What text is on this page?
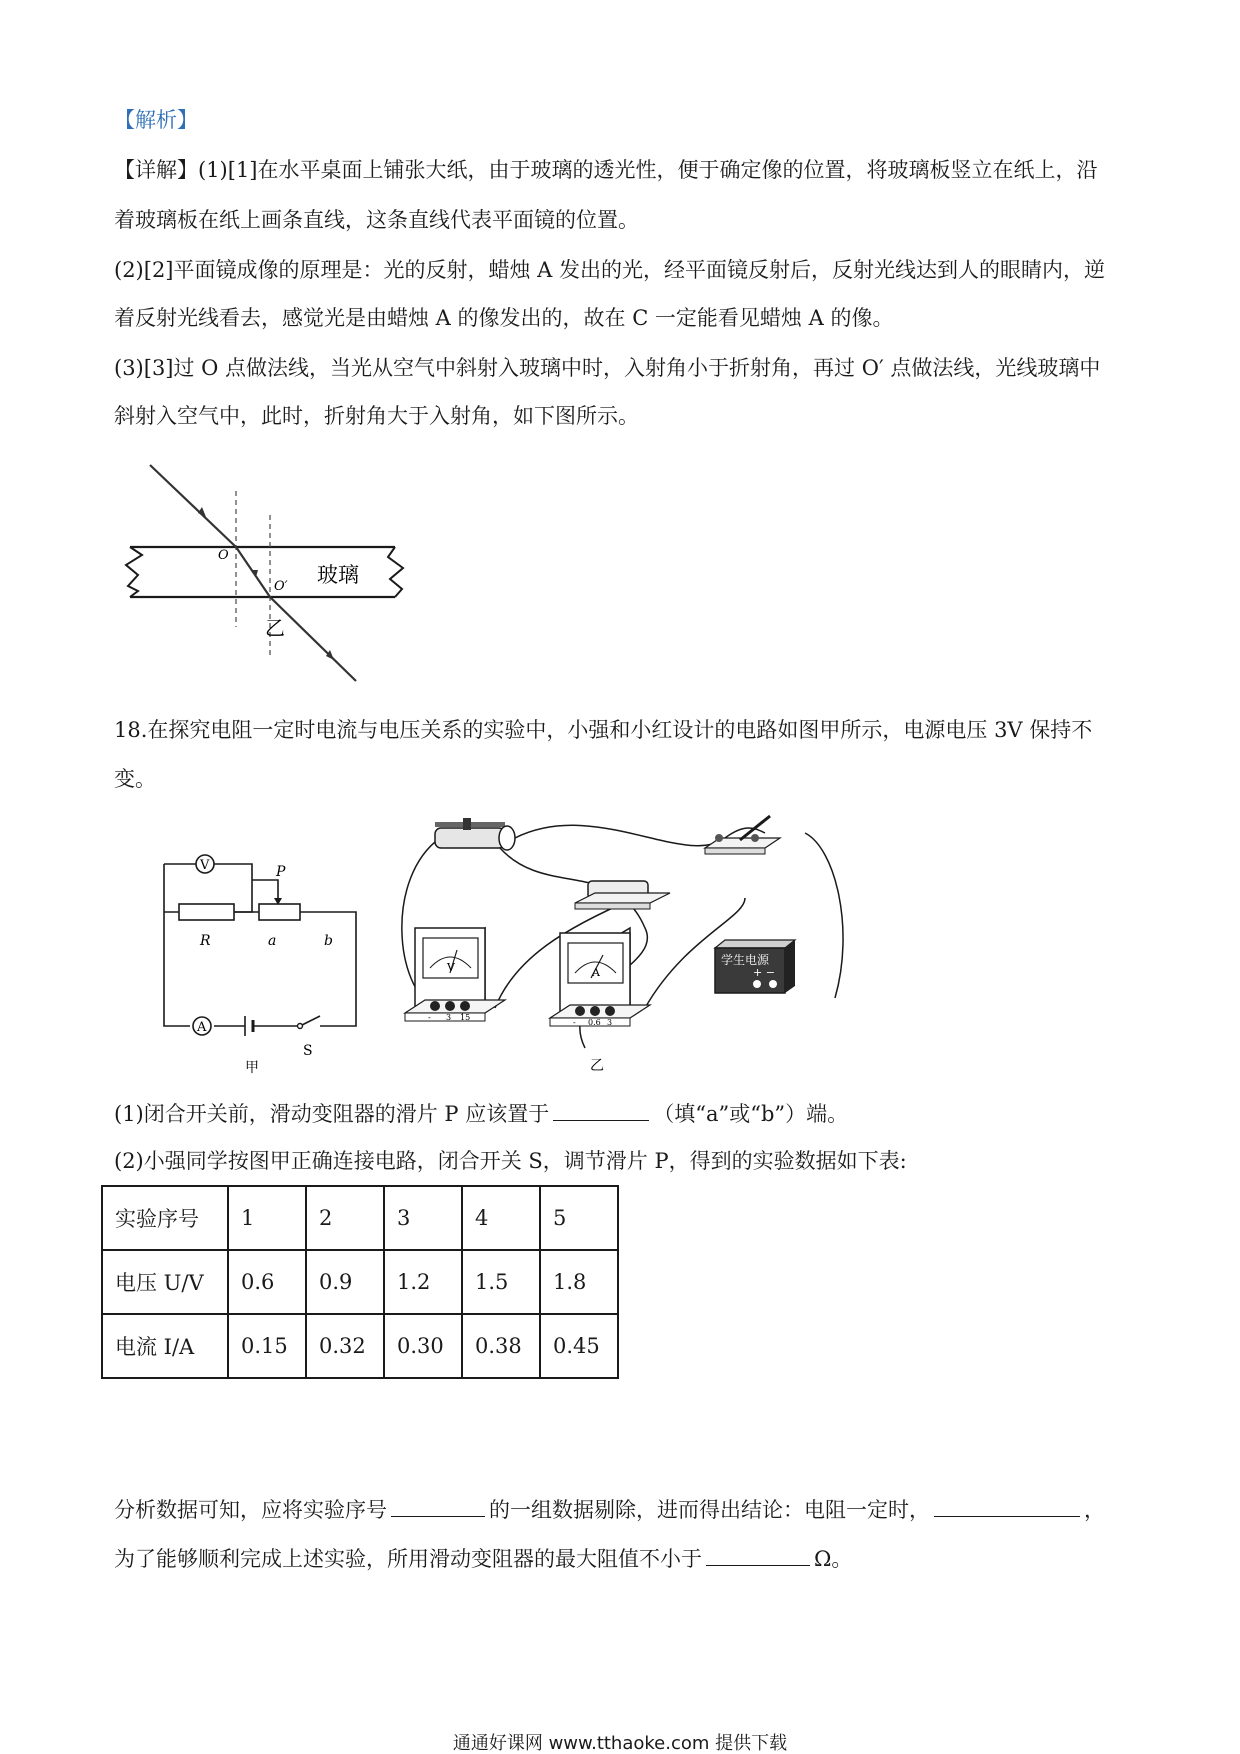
【解析】
【详解】(1)[1]在水平桌面上铺张大纸，由于玻璃的透光性，便于确定像的位置，将玻璃板竖立在纸上，沿
着玻璃板在纸上画条直线，这条直线代表平面镜的位置。
(2)[2]平面镜成像的原理是：光的反射，蜡烛 A 发出的光，经平面镜反射后，反射光线达到人的眼睛内，逆
着反射光线看去，感觉光是由蜡烛 A 的像发出的，故在 C 一定能看见蜡烛 A 的像。
(3)[3]过 O 点做法线，当光从空气中斜射入玻璃中时，入射角小于折射角，再过 O′ 点做法线，光线玻璃中
斜射入空气中，此时，折射角大于入射角，如下图所示。
O
O′ 玻璃
乙
18.在探究电阻一定时电流与电压关系的实验中，小强和小红设计的电路如图甲所示，电源电压 3V 保持不
变。
V
R
P
a	b
A
S
甲
V
- 3 15
A
- 0.6 3
学生电源
+ −
乙
(1)闭合开关前，滑动变阻器的滑片 P 应该置于	（填“a”或“b”）端。
(2)小强同学按图甲正确连接电路，闭合开关 S，调节滑片 P，得到的实验数据如下表:
实验序号	1	2	3	4	5
电压 U/V	0.6	0.9	1.2	1.5	1.8
电流 I/A	0.15	0.32	0.30	0.38	0.45
分析数据可知，应将实验序号	的一组数据剔除，进而得出结论：电阻一定时，	，
为了能够顺利完成上述实验，所用滑动变阻器的最大阻值不小于	Ω。
通通好课网 www.tthaoke.com 提供下载
